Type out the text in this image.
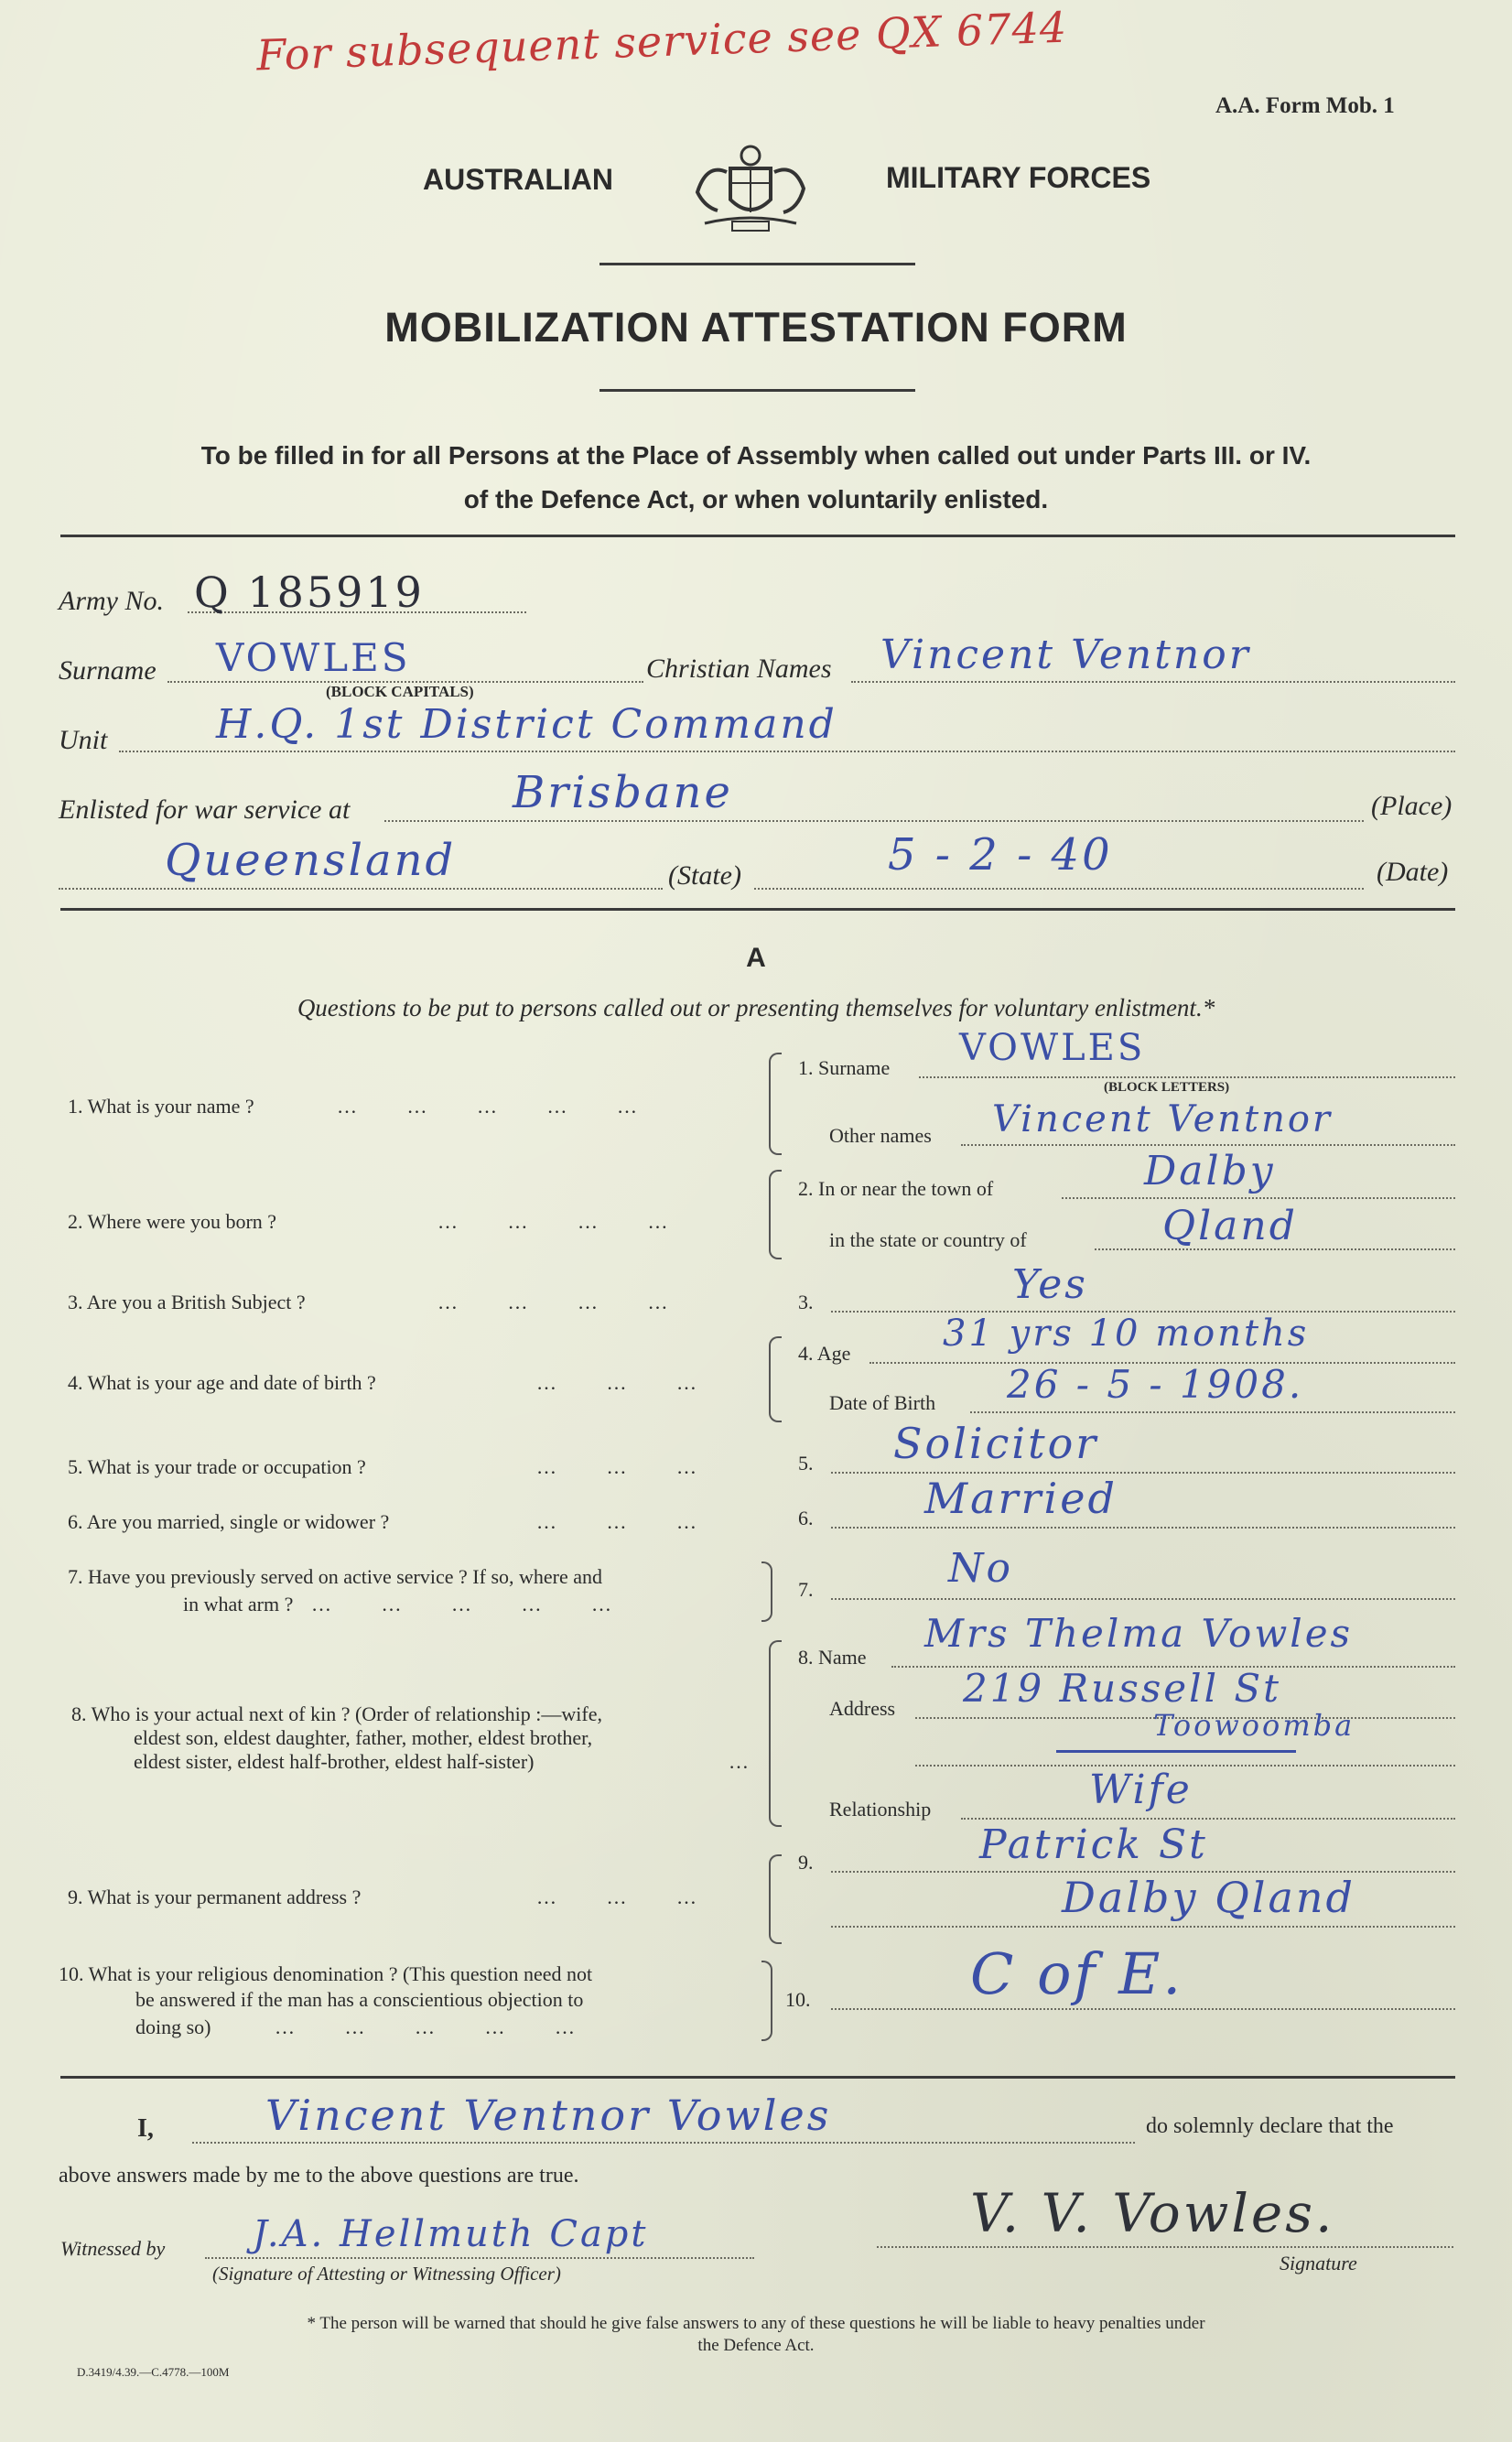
For subsequent service see QX 6744
A.A. Form Mob. 1
AUSTRALIAN	MILITARY FORCES
MOBILIZATION ATTESTATION FORM
To be filled in for all Persons at the Place of Assembly when called out under Parts III. or IV.
of the Defence Act, or when voluntarily enlisted.
Army No. Q 185919
Surname VOWLES
(BLOCK CAPITALS)
Christian Names Vincent Ventnor
Unit	H.Q. 1st District Command
Enlisted for war service at	Brisbane	(Place)
Queensland	(State)	5 - 2 - 40	(Date)
A
Questions to be put to persons called out or presenting themselves for voluntary enlistment.*
1. What is your name ?	…       …       …       …       …
1. Surname VOWLES
(BLOCK LETTERS)
Other names Vincent Ventnor
2. Where were you born ?	…       …       …       …
2. In or near the town of	Dalby
in the state or country of	Qland
3. Are you a British Subject ?	…       …       …       …	3.	Yes
4. What is your age and date of birth ?	…       …       …
4. Age	31 yrs 10 months
Date of Birth 26 - 5 - 1908.
5. What is your trade or occupation ?	…       …       …	5. Solicitor
6. Are you married, single or widower ?	…       …       …	6.	Married
7. Have you previously served on active service ? If so, where and
in what arm ? …       …       …       …       …
7.	No
8. Who is your actual next of kin ? (Order of relationship :—wife,
eldest son, eldest daughter, father, mother, eldest brother,
eldest sister, eldest half-brother, eldest half-sister)	…
8. Name
Mrs Thelma Vowles
Address 219 Russell St
Toowoomba
Relationship	Wife
9. What is your permanent address ?	…       …       …
9.	Patrick St
Dalby Qland
10. What is your religious denomination ? (This question need not
be answered if the man has a conscientious objection to
doing so)	…       …       …       …       …
10.	C of E.
I,	Vincent Ventnor Vowles	do solemnly declare that the
above answers made by me to the above questions are true.
Witnessed by J.A. Hellmuth Capt
(Signature of Attesting or Witnessing Officer)
V. V. Vowles.
Signature
* The person will be warned that should he give false answers to any of these questions he will be liable to heavy penalties under
the Defence Act.
D.3419/4.39.—C.4778.—100M
